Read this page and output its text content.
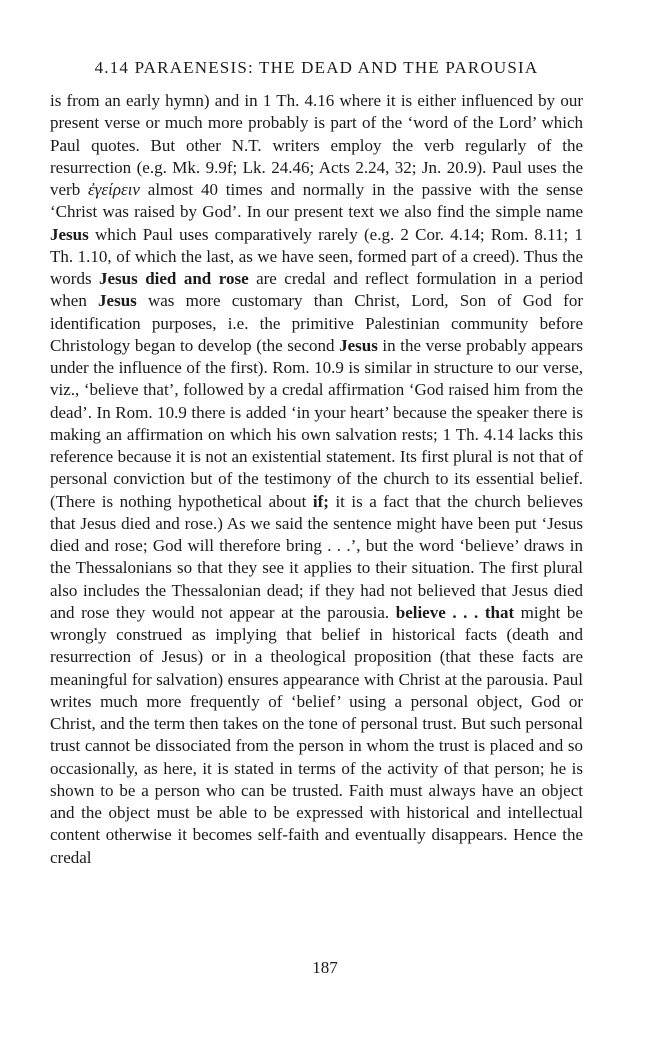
4.14 PARAENESIS: THE DEAD AND THE PAROUSIA

is from an early hymn) and in 1 Th. 4.16 where it is either influenced by our present verse or much more probably is part of the ‘word of the Lord’ which Paul quotes. But other N.T. writers employ the verb regularly of the resurrection (e.g. Mk. 9.9f; Lk. 24.46; Acts 2.24, 32; Jn. 20.9). Paul uses the verb ἐγείρειν almost 40 times and normally in the passive with the sense ‘Christ was raised by God’. In our present text we also find the simple name Jesus which Paul uses comparatively rarely (e.g. 2 Cor. 4.14; Rom. 8.11; 1 Th. 1.10, of which the last, as we have seen, formed part of a creed). Thus the words Jesus died and rose are credal and reflect formulation in a period when Jesus was more customary than Christ, Lord, Son of God for identification purposes, i.e. the primitive Palestinian community before Christology began to develop (the second Jesus in the verse probably appears under the influence of the first). Rom. 10.9 is similar in structure to our verse, viz., ‘believe that’, followed by a credal affirmation ‘God raised him from the dead’. In Rom. 10.9 there is added ‘in your heart’ because the speaker there is making an affirmation on which his own salvation rests; 1 Th. 4.14 lacks this reference because it is not an existential statement. Its first plural is not that of personal conviction but of the testimony of the church to its essential belief. (There is nothing hypothetical about if; it is a fact that the church believes that Jesus died and rose.) As we said the sentence might have been put ‘Jesus died and rose; God will therefore bring . . .’, but the word ‘believe’ draws in the Thessalonians so that they see it applies to their situation. The first plural also includes the Thessalonian dead; if they had not believed that Jesus died and rose they would not appear at the parousia. believe . . . that might be wrongly construed as implying that belief in historical facts (death and resurrection of Jesus) or in a theological proposition (that these facts are meaningful for salvation) ensures appearance with Christ at the parousia. Paul writes much more frequently of ‘belief’ using a personal object, God or Christ, and the term then takes on the tone of personal trust. But such personal trust cannot be dissociated from the person in whom the trust is placed and so occasionally, as here, it is stated in terms of the activity of that person; he is shown to be a person who can be trusted. Faith must always have an object and the object must be able to be expressed with historical and intellectual content otherwise it becomes self-faith and eventually disappears. Hence the credal

187
